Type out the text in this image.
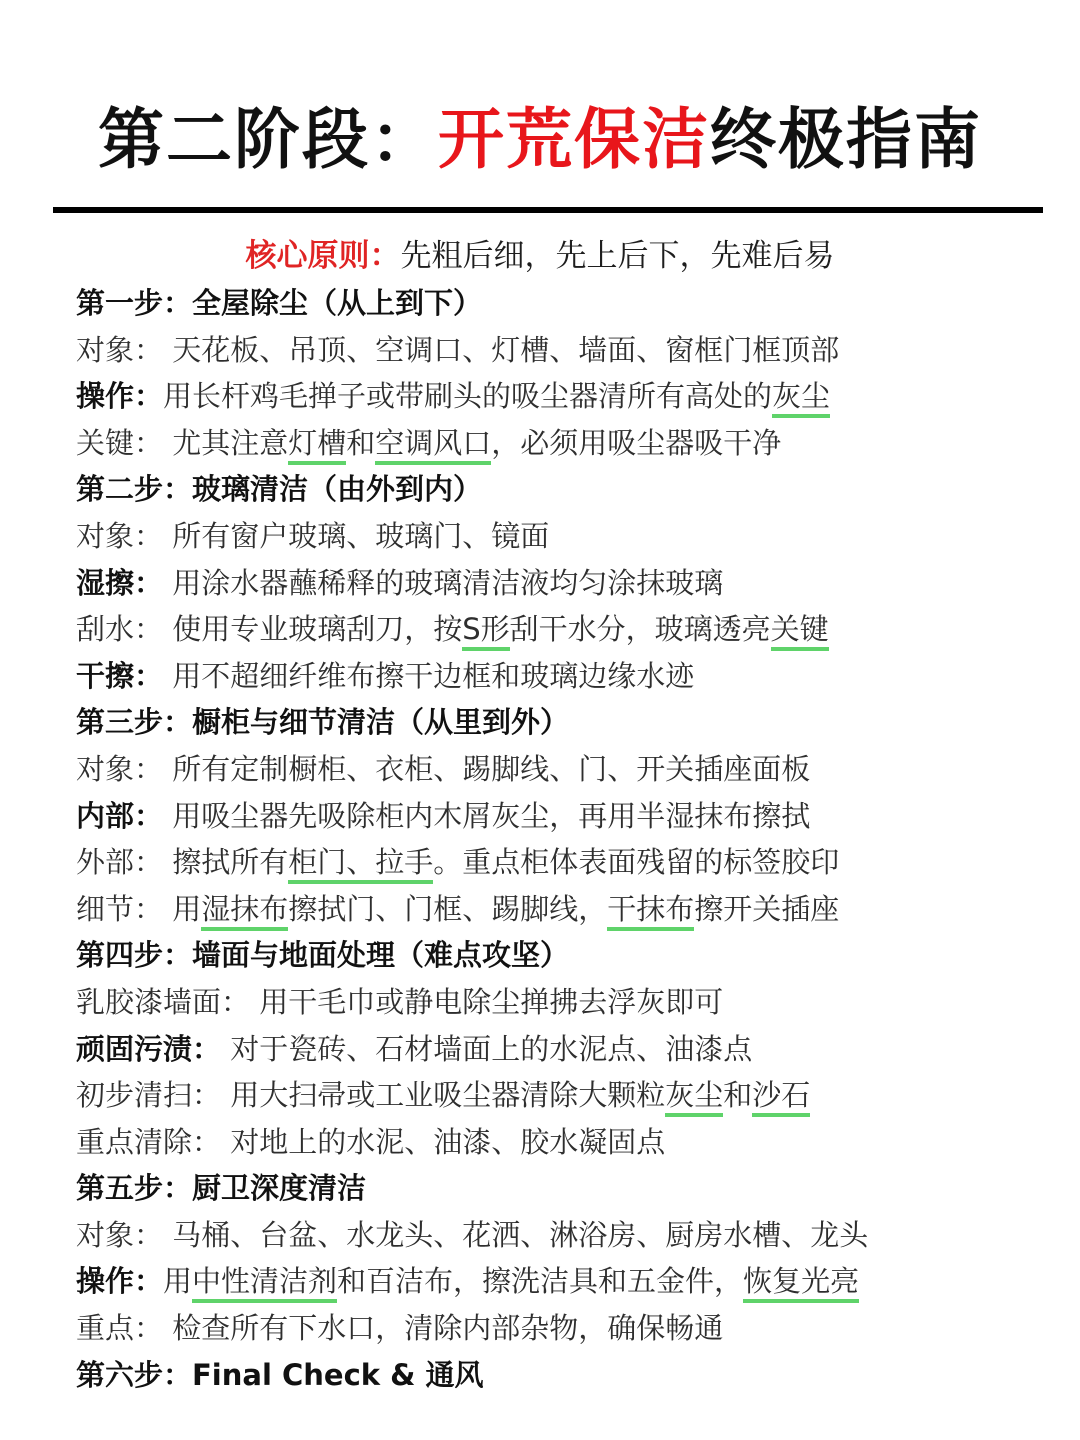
第二阶段：开荒保洁终极指南
核心原则：先粗后细，先上后下，先难后易
第一步：全屋除尘（从上到下）
对象： 天花板、吊顶、空调口、灯槽、墙面、窗框门框顶部
操作：用长杆鸡毛掸子或带刷头的吸尘器清所有高处的灰尘
关键： 尤其注意灯槽和空调风口，必须用吸尘器吸干净
第二步：玻璃清洁（由外到内）
对象： 所有窗户玻璃、玻璃门、镜面
湿擦： 用涂水器蘸稀释的玻璃清洁液均匀涂抹玻璃
刮水： 使用专业玻璃刮刀，按S形刮干水分，玻璃透亮关键
干擦： 用不超细纤维布擦干边框和玻璃边缘水迹
第三步：橱柜与细节清洁（从里到外）
对象： 所有定制橱柜、衣柜、踢脚线、门、开关插座面板
内部： 用吸尘器先吸除柜内木屑灰尘，再用半湿抹布擦拭
外部： 擦拭所有柜门、拉手。重点柜体表面残留的标签胶印
细节： 用湿抹布擦拭门、门框、踢脚线，干抹布擦开关插座
第四步：墙面与地面处理（难点攻坚）
乳胶漆墙面： 用干毛巾或静电除尘掸拂去浮灰即可
顽固污渍： 对于瓷砖、石材墙面上的水泥点、油漆点
初步清扫： 用大扫帚或工业吸尘器清除大颗粒灰尘和沙石
重点清除： 对地上的水泥、油漆、胶水凝固点
第五步：厨卫深度清洁
对象： 马桶、台盆、水龙头、花洒、淋浴房、厨房水槽、龙头
操作：用中性清洁剂和百洁布，擦洗洁具和五金件，恢复光亮
重点： 检查所有下水口，清除内部杂物，确保畅通
第六步：Final Check & 通风
